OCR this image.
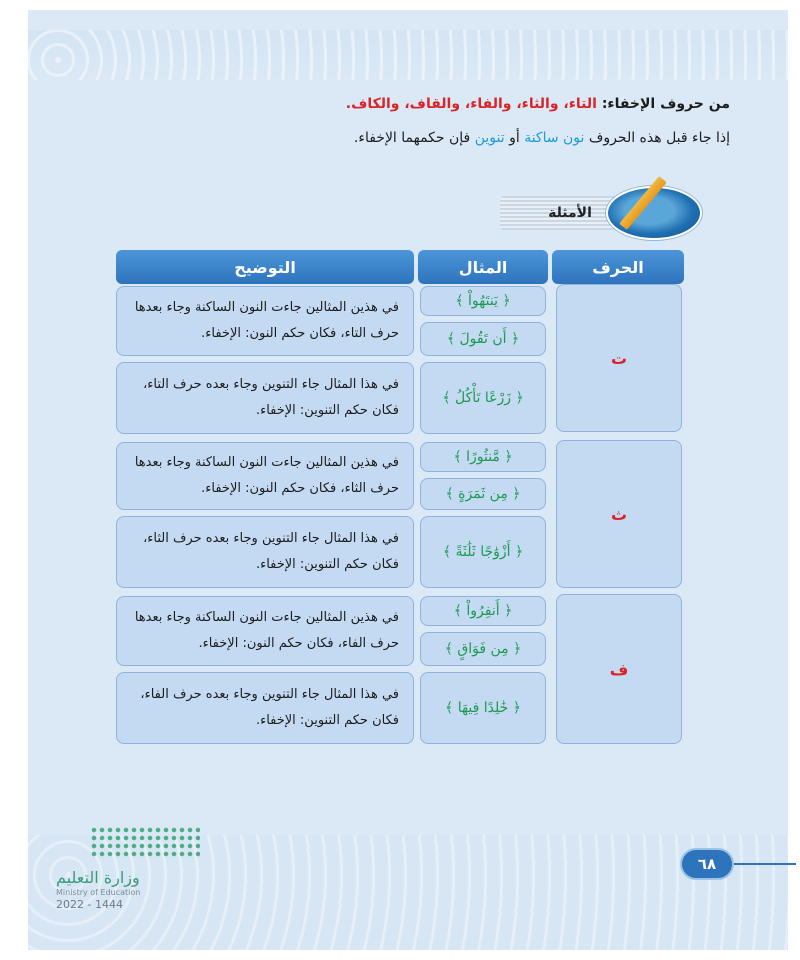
من حروف الإخفاء: التاء، والثاء، والفاء، والقاف، والكاف.
إذا جاء قبل هذه الحروف نون ساكنة أو تنوين فإن حكمهما الإخفاء.
الأمثلة
الحرف
المثال
التوضيح
ت
﴿ يَنتَهُواْ ﴾
﴿ أَن تَقُولَ ﴾
في هذين المثالين جاءت النون الساكنة وجاء بعدها حرف التاء، فكان حكم النون: الإخفاء.
﴿ زَرْعًا تَأْكُلُ ﴾
في هذا المثال جاء التنوين وجاء بعده حرف التاء، فكان حكم التنوين: الإخفاء.
ث
﴿ مَّنثُورًا ﴾
﴿ مِن ثَمَرَةٍ ﴾
في هذين المثالين جاءت النون الساكنة وجاء بعدها حرف الثاء، فكان حكم النون: الإخفاء.
﴿ أَزْوَٰجًا ثَلَٰثَةً ﴾
في هذا المثال جاء التنوين وجاء بعده حرف الثاء، فكان حكم التنوين: الإخفاء.
ف
﴿ أَنفِرُواْ ﴾
﴿ مِن فَوَاقٍ ﴾
في هذين المثالين جاءت النون الساكنة وجاء بعدها حرف الفاء، فكان حكم النون: الإخفاء.
﴿ خَٰلِدًا فِيهَا ﴾
في هذا المثال جاء التنوين وجاء بعده حرف الفاء، فكان حكم التنوين: الإخفاء.
وزارة التعليم
Ministry of Education
2022 - 1444
٦٨
